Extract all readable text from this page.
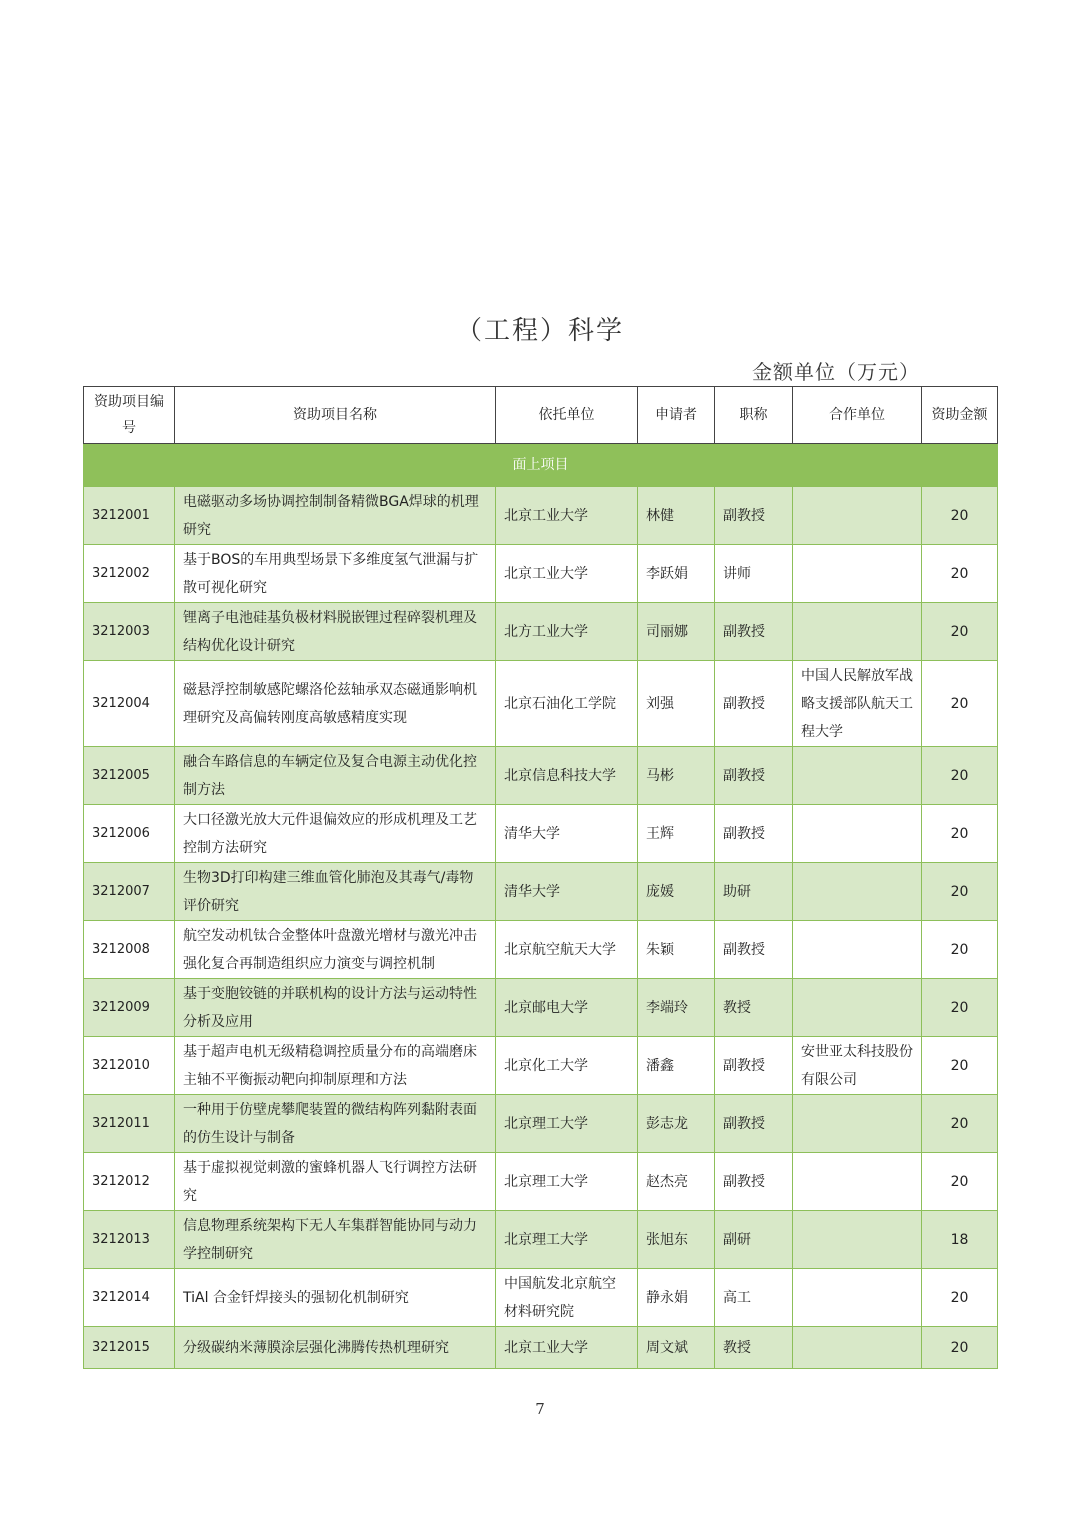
（工程）科学
金额单位（万元）
资助项目编号	资助项目名称	依托单位	申请者	职称	合作单位	资助金额
面上项目						
3212001	电磁驱动多场协调控制制备精微BGA焊球的机理研究	北京工业大学	林健	副教授		20
3212002	基于BOS的车用典型场景下多维度氢气泄漏与扩散可视化研究	北京工业大学	李跃娟	讲师		20
3212003	锂离子电池硅基负极材料脱嵌锂过程碎裂机理及结构优化设计研究	北方工业大学	司丽娜	副教授		20
3212004	磁悬浮控制敏感陀螺洛伦兹轴承双态磁通影响机理研究及高偏转刚度高敏感精度实现	北京石油化工学院	刘强	副教授	中国人民解放军战略支援部队航天工程大学	20
3212005	融合车路信息的车辆定位及复合电源主动优化控制方法	北京信息科技大学	马彬	副教授		20
3212006	大口径激光放大元件退偏效应的形成机理及工艺控制方法研究	清华大学	王辉	副教授		20
3212007	生物3D打印构建三维血管化肺泡及其毒气/毒物评价研究	清华大学	庞媛	助研		20
3212008	航空发动机钛合金整体叶盘激光增材与激光冲击强化复合再制造组织应力演变与调控机制	北京航空航天大学	朱颖	副教授		20
3212009	基于变胞铰链的并联机构的设计方法与运动特性分析及应用	北京邮电大学	李端玲	教授		20
3212010	基于超声电机无级精稳调控质量分布的高端磨床主轴不平衡振动靶向抑制原理和方法	北京化工大学	潘鑫	副教授	安世亚太科技股份有限公司	20
3212011	一种用于仿壁虎攀爬装置的微结构阵列黏附表面的仿生设计与制备	北京理工大学	彭志龙	副教授		20
3212012	基于虚拟视觉刺激的蜜蜂机器人飞行调控方法研究	北京理工大学	赵杰亮	副教授		20
3212013	信息物理系统架构下无人车集群智能协同与动力学控制研究	北京理工大学	张旭东	副研		18
3212014	TiAl 合金钎焊接头的强韧化机制研究	中国航发北京航空材料研究院	静永娟	高工		20
3212015	分级碳纳米薄膜涂层强化沸腾传热机理研究	北京工业大学	周文斌	教授		20
7
